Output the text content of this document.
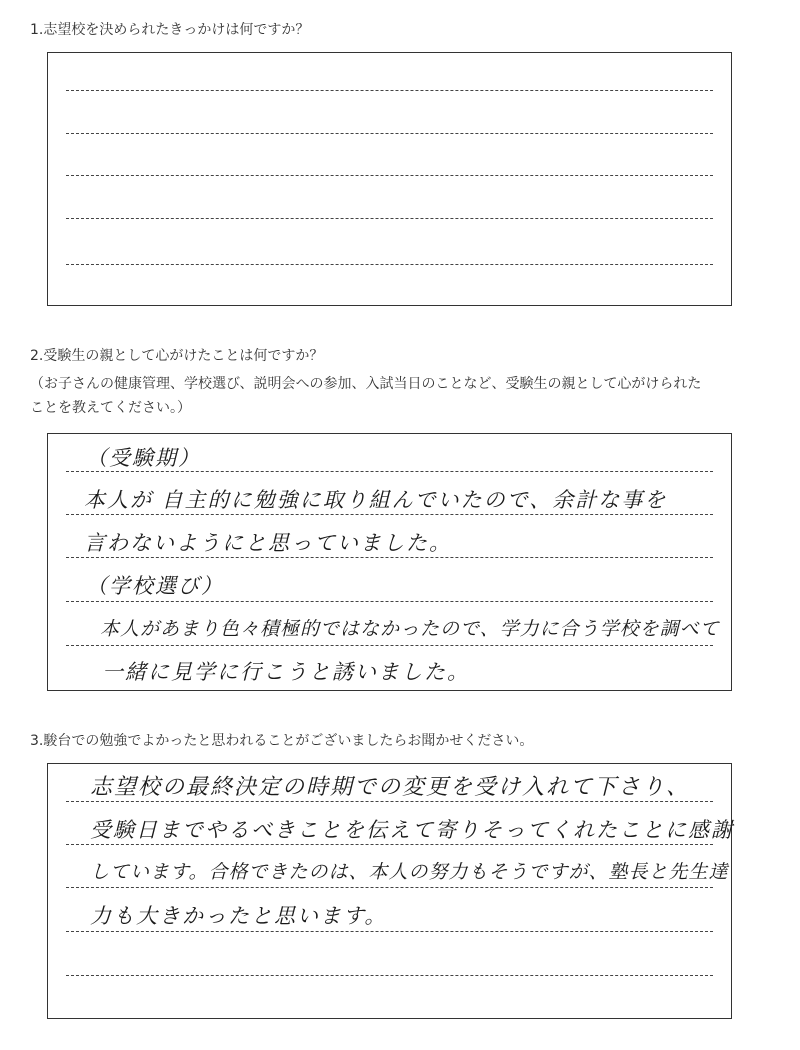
1.志望校を決められたきっかけは何ですか？
2.受験生の親として心がけたことは何ですか？
（お子さんの健康管理、学校選び、説明会への参加、入試当日のことなど、受験生の親として心がけられた
ことを教えてください。）
（受験期）
本人が 自主的に勉強に取り組んでいたので、余計な事を
言わないようにと思っていました。
（学校選び）
本人があまり色々積極的ではなかったので、学力に合う学校を調べて
一緒に見学に行こうと誘いました。
3.駿台での勉強でよかったと思われることがございましたらお聞かせください。
志望校の最終決定の時期での変更を受け入れて下さり、
受験日までやるべきことを伝えて寄りそってくれたことに感謝
しています。合格できたのは、本人の努力もそうですが、塾長と先生達
力も大きかったと思います。
